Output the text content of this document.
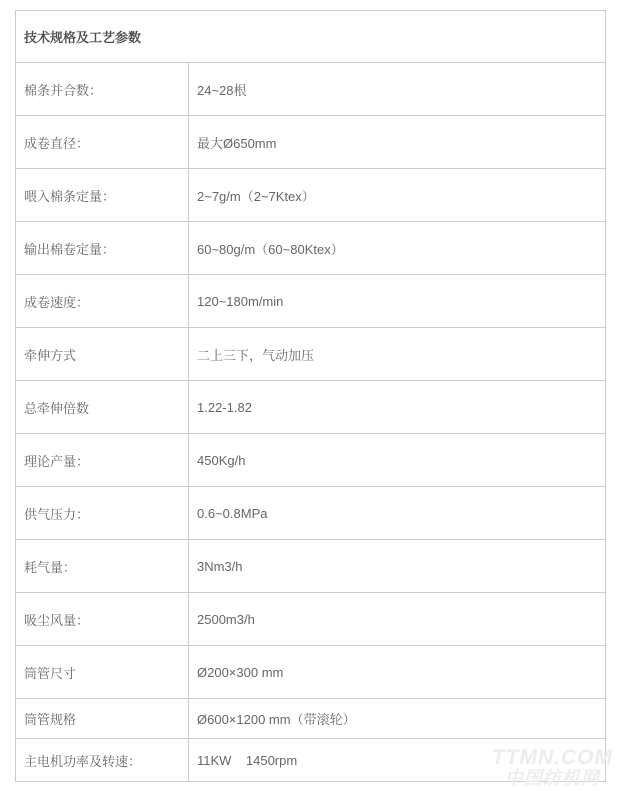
技术规格及工艺参数
棉条并合数：	24~28根
成卷直径：	最大Ø650mm
喂入棉条定量：	2~7g/m（2~7Ktex）
输出棉卷定量：	60~80g/m（60~80Ktex）
成卷速度：	120~180m/min
牵伸方式	二上三下，气动加压
总牵伸倍数	1.22-1.82
理论产量：	450Kg/h
供气压力：	0.6~0.8MPa
耗气量：	3Nm3/h
吸尘风量：	2500m3/h
筒管尺寸	Ø200×300 mm
筒管规格	Ø600×1200 mm（带滚轮）
主电机功率及转速：	11KW    1450rpm	TTMN.COM
中国纺机网
